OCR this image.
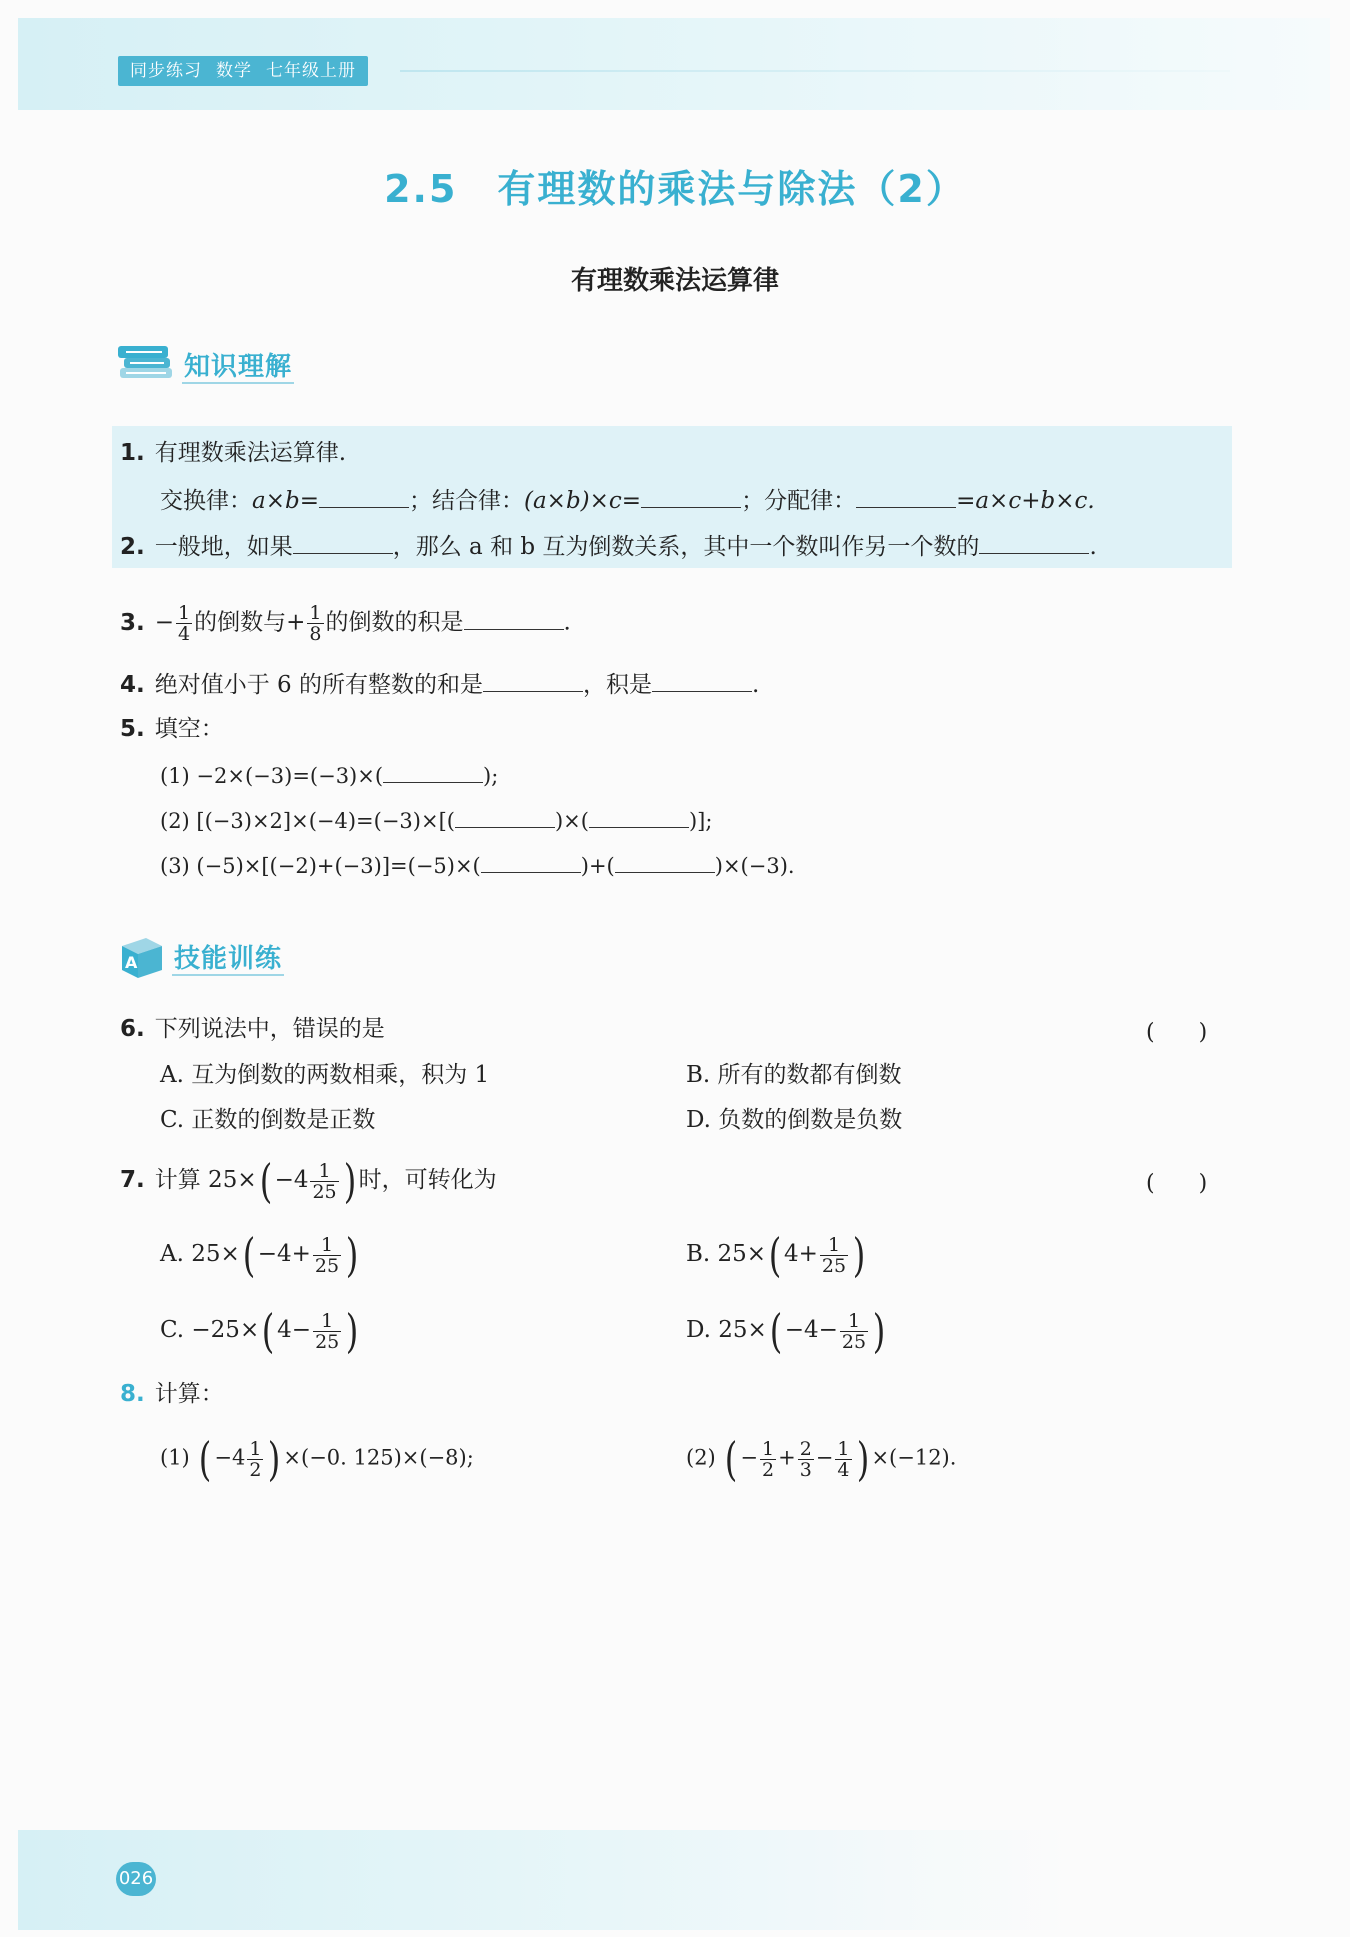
同步练习 数学 七年级上册
2.5　有理数的乘法与除法（2）
有理数乘法运算律
知识理解
1. 有理数乘法运算律.
交换律：a×b=	；结合律：(a×b)×c=	；分配律：	=a×c+b×c.
2. 一般地，如果	，那么 a 和 b 互为倒数关系，其中一个数叫作另一个数的	.
3. − $\frac{1}{4}$ 的倒数与+ $\frac{1}{8}$ 的倒数的积是	.
4. 绝对值小于 6 的所有整数的和是	，积是	.
5. 填空：
(1) −2×(−3)=(−3)×(	);
(2) [(−3)×2]×(−4)=(−3)×[(	)×(	)];
(3) (−5)×[(−2)+(−3)]=(−5)×(	)+(	)×(−3).
A 技能训练
6. 下列说法中，错误的是	(　　)
A. 互为倒数的两数相乘，积为 1	B. 所有的数都有倒数
C. 正数的倒数是正数	D. 负数的倒数是负数
7. 计算 $25\times( -4 \frac{1}{25}$ ) 时，可转化为	(　　)
A. $25\times( -4+ \frac{1}{25}$ )	B. 25×( $4+ \frac{1}{25}$ )
C. −25×( $4- \frac{1}{25}$ )	D. $25\times( -4- \frac{1}{25}$ )
8. 计算：
(1) ( $-4 \frac{1}{2}$ ) ×(−0. 125)×(−8);	(2) ( − $\frac{1}{2} + \frac{2}{3} - \frac{1}{4}$ ) ×(−12).
026
